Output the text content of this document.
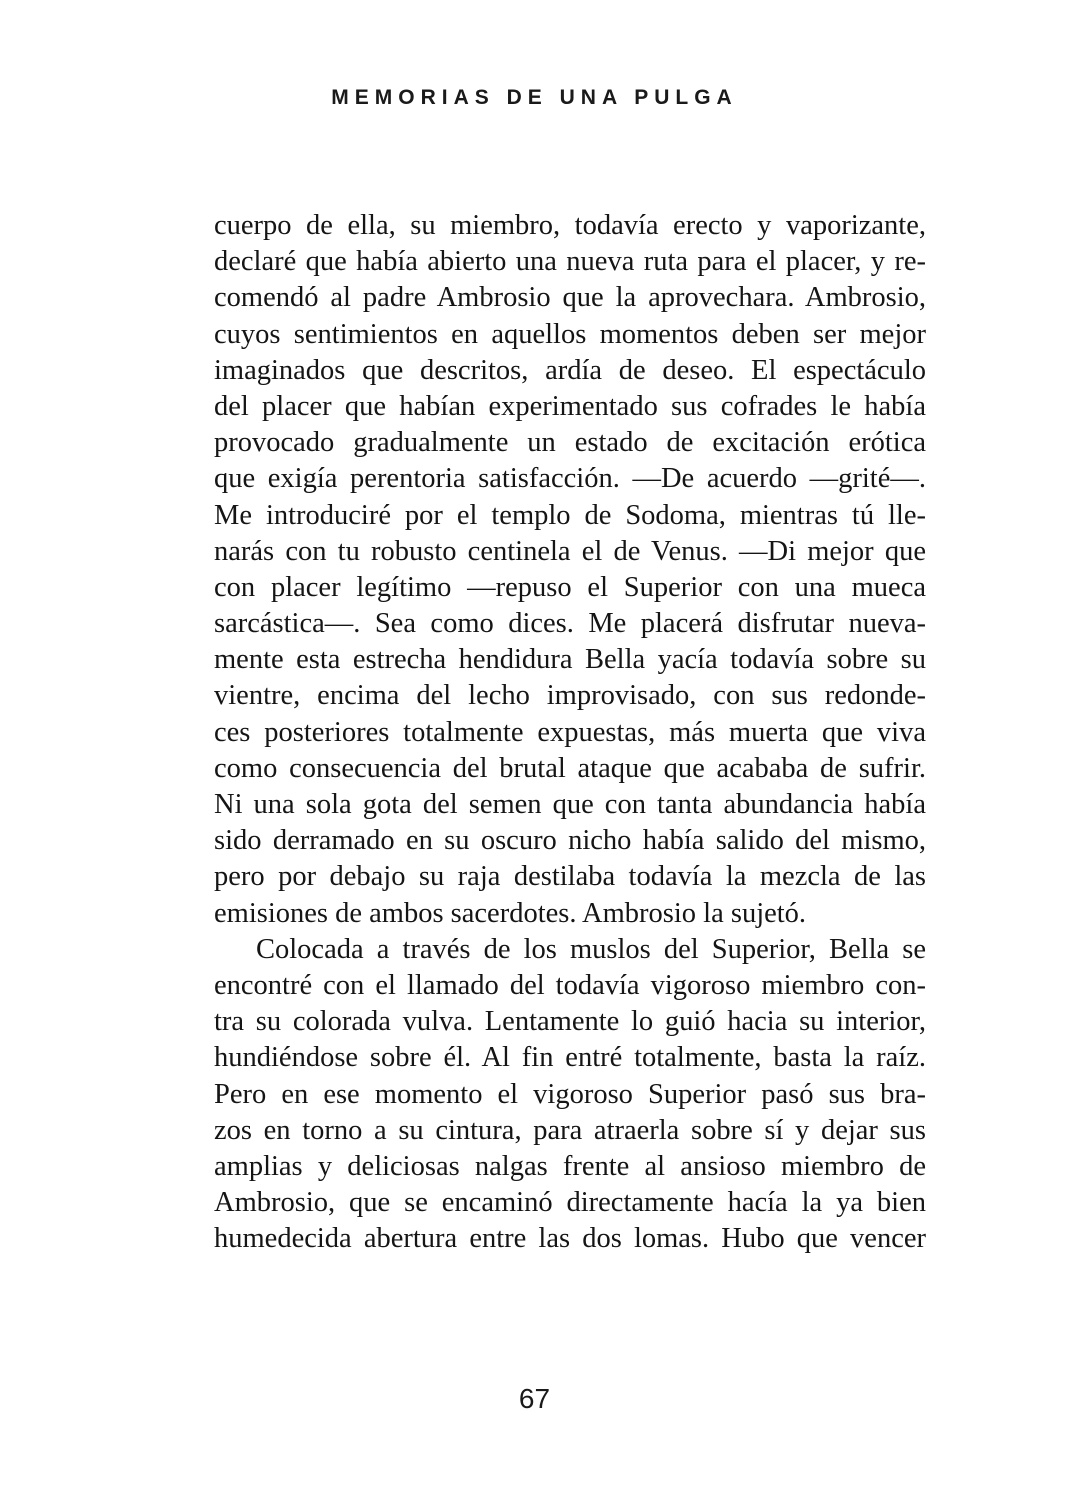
MEMORIAS DE UNA PULGA
cuerpo de ella, su miembro, todavía erecto y vaporizante,
declaré que había abierto una nueva ruta para el placer, y re-
comendó al padre Ambrosio que la aprovechara. Ambrosio,
cuyos sentimientos en aquellos momentos deben ser mejor
imaginados que descritos, ardía de deseo. El espectáculo
del placer que habían experimentado sus cofrades le había
provocado gradualmente un estado de excitación erótica
que exigía perentoria satisfacción. —De acuerdo —grité—.
Me introduciré por el templo de Sodoma, mientras tú lle-
narás con tu robusto centinela el de Venus. —Di mejor que
con placer legítimo —repuso el Superior con una mueca
sarcástica—. Sea como dices. Me placerá disfrutar nueva-
mente esta estrecha hendidura Bella yacía todavía sobre su
vientre, encima del lecho improvisado, con sus redonde-
ces posteriores totalmente expuestas, más muerta que viva
como consecuencia del brutal ataque que acababa de sufrir.
Ni una sola gota del semen que con tanta abundancia había
sido derramado en su oscuro nicho había salido del mismo,
pero por debajo su raja destilaba todavía la mezcla de las
emisiones de ambos sacerdotes. Ambrosio la sujetó.
Colocada a través de los muslos del Superior, Bella se
encontré con el llamado del todavía vigoroso miembro con-
tra su colorada vulva. Lentamente lo guió hacia su interior,
hundiéndose sobre él. Al fin entré totalmente, basta la raíz.
Pero en ese momento el vigoroso Superior pasó sus bra-
zos en torno a su cintura, para atraerla sobre sí y dejar sus
amplias y deliciosas nalgas frente al ansioso miembro de
Ambrosio, que se encaminó directamente hacía la ya bien
humedecida abertura entre las dos lomas. Hubo que vencer
67
